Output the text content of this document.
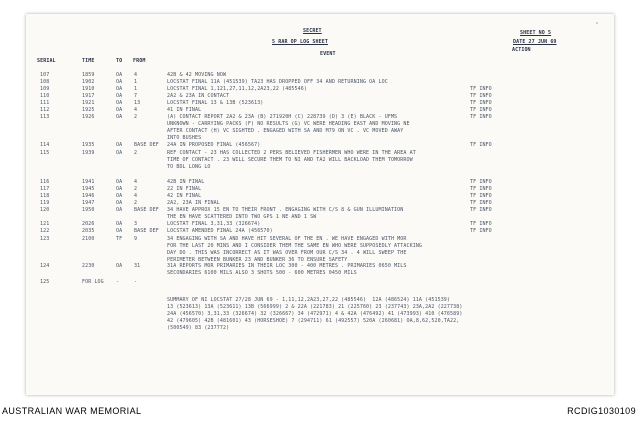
SECRET
5 RAR OP LOG SHEET
SHEET NO 5
DATE 27 JUN 69
SERIAL	TIME	TO FROM
EVENT
ACTION
107	1859	OA 4	42B & 42 MOVING NOW
108	1902	OA 1	LOCSTAT FINAL 11A (451539) TA23 HAS DROPPED OFF 34 AND RETURNING OA LOC
109	1910	OA 1	LOCSTAT FINAL 1,121,27,11,12,2A23,22 (485546)	TF INFO
110	1917	OA 7	2A2 & 23A IN CONTACT	TF INFO
111	1921	OA 13	LOCSTAT FINAL 13 & 13B (523613)	TF INFO
112	1925	OA 4	41 IN FINAL	TF INFO
113	1926	OA 2	(A) CONTACT REPORT 2A2 & 23A (B) 271920H (C) 228739 (D) 3 (E) BLACK - UFMS
UNKNOWN - CARRYING PACKS (F) NO RESULTS (G) VC WERE HEADING EAST AND MOVING NE
AFTER CONTACT (H) VC SIGHTED . ENGAGED WITH SA AND M79 ON VC . VC MOVED AWAY
INTO BUSHES
TF INFO
114	1935	OA BASE DEF 24A IN PROPOSED FINAL (456567)	TF INFO
115	1939	OA 2	REF CONTACT - 23 HAS COLLECTED 2 PERS BELIEVED FISHERMEN WHO WERE IN THE AREA AT
TIME OF CONTACT . 23 WILL SECURE THEM TO NI AND TA2 WILL BACKLOAD THEM TOMORROW
TO BDL LONG LO
116	1941	OA 4	42B IN FINAL	TF INFO
117	1945	OA 2	22 IN FINAL	TF INFO
118	1946	OA 4	42 IN FINAL	TF INFO
119	1947	OA 2	2A2, 23A IN FINAL	TF INFO
120	1950	OA BASE DEF 34 HAVE APPROX 15 EN TO THEIR FRONT . ENGAGING WITH C/S 8 & GUN ILLUMINATION
THE EN HAVE SCATTERED INTO TWO GPS 1 NE AND 1 SW
TF INFO
121	2026	OA 3	LOCSTAT FINAL 3,31,33 (326674)	TF INFO
122	2035	OA BASE DEF LOCSTAT AMENDED FINAL 24A (456570)	TF INFO
123	2100	TF 9	34 ENGAGING WITH SA AND HAVE HIT SEVERAL OF THE EN . WE HAVE ENGAGED WITH MOR
FOR THE LAST 20 MINS AND I CONSIDER THEM THE SAME EN WHO WERE SUPPOSEDLY ATTACKING
DAY DO . THIS WAS INCORRECT AS IT WAS OVER FROM OUR C/S 34 . 4 WILL SWEEP THE
PERIMETER BETWEEN BUNKER 23 AND BUNKER 36 TO ENSURE SAFETY
124	2230	OA 31	31A REPORTS MOR PRIMARIES IN THEIR LOC 300 - 400 METRES . PRIMARIES 0650 MILS
SECONDARIES 6100 MILS ALSO 3 SHOTS 500 - 600 METRES 0450 MILS
125	FOR LOG -	-
SUMMARY OF NI LOCSTAT 27/28 JUN 69 - 1,11,12,2A23,27,22 (485546)  12A (486524) 11A (451539)
13 (523613) 13A (523611) 13B (566999) 2 & 22A (221783) 21 (225760) 23 (237743) 23A,2A2 (227738)
24A (456570) 3,31,33 (326674) 32 (326667) 34 (472971) 4 & 42A (476492) 41 (473993) 410 (476589)
42 (479605) 42B (481601) 43 (HORSESHOE) 7 (294711) 61 (492557) 520A (260681) OA,8,62,520,TA22,
(500549) 83 (237772)
AUSTRALIAN WAR MEMORIAL	RCDIG1030109
